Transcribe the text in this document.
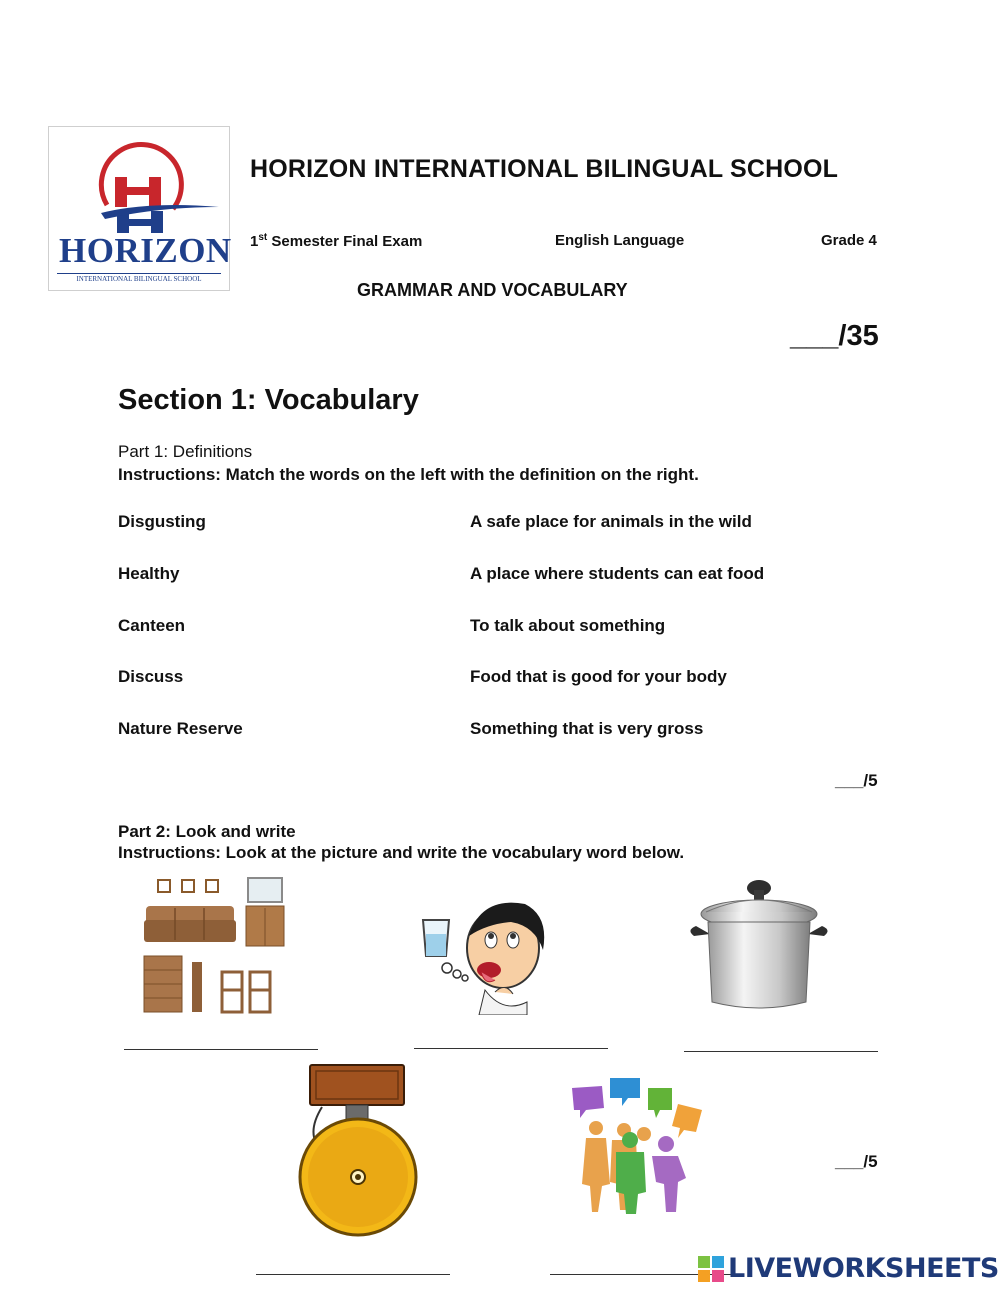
HORIZON
INTERNATIONAL BILINGUAL SCHOOL
HORIZON INTERNATIONAL BILINGUAL SCHOOL
1st Semester Final Exam	English Language	Grade 4
GRAMMAR AND VOCABULARY
___/35
Section 1: Vocabulary
Part 1: Definitions
Instructions: Match the words on the left with the definition on the right.
Disgusting
Healthy
Canteen
Discuss
Nature Reserve
A safe place for animals in the wild
A place where students can eat food
To talk about something
Food that is good for your body
Something that is very gross
___/5
Part 2: Look and write
Instructions: Look at the picture and write the vocabulary word below.
___/5
LIVEWORKSHEETS
